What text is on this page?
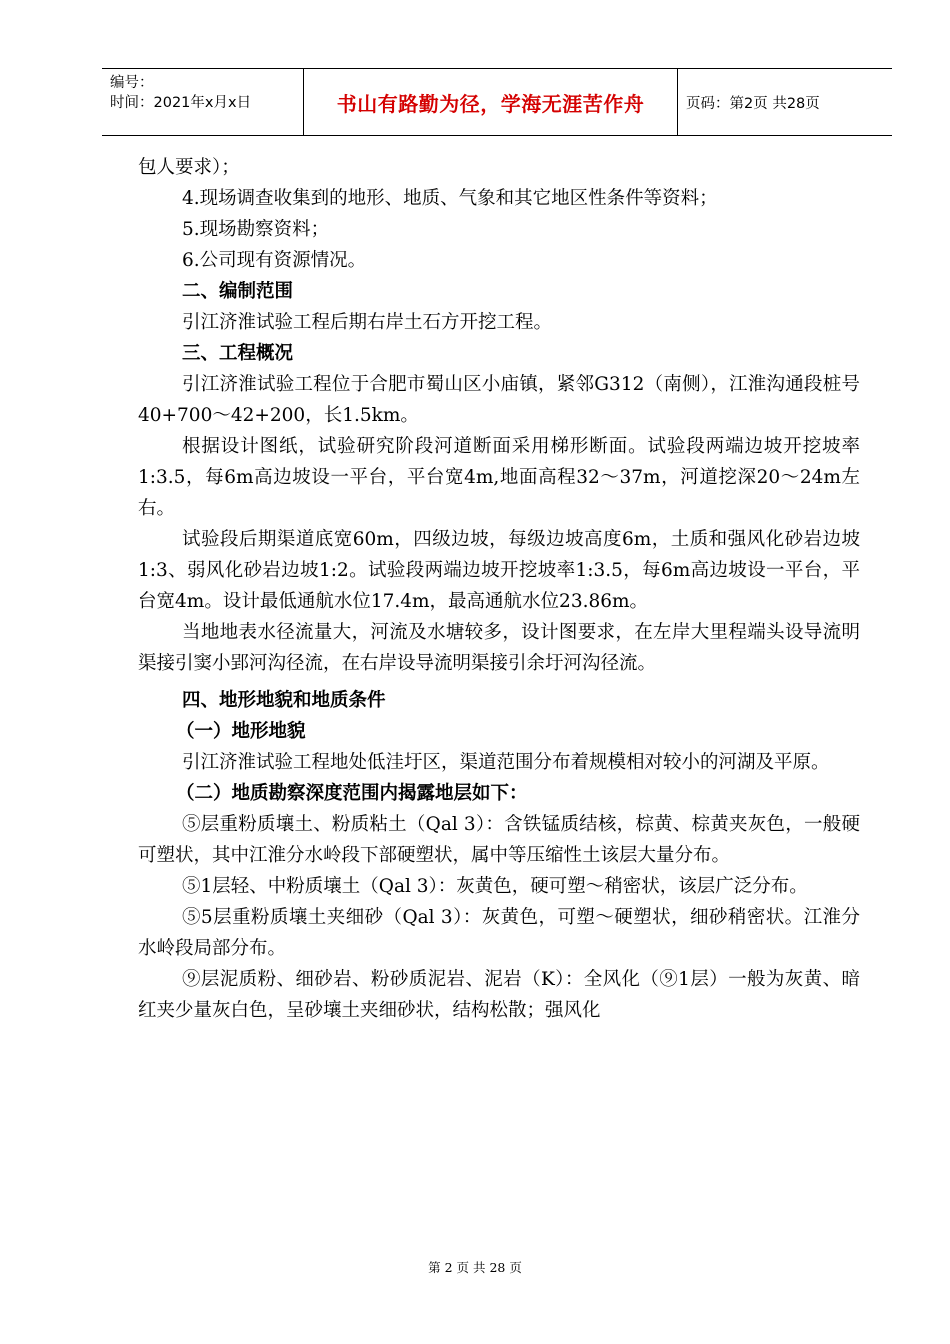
编号：
时间：2021年x月x日	书山有路勤为径，学海无涯苦作舟	页码：第2页 共28页

包人要求）；

4.现场调查收集到的地形、地质、气象和其它地区性条件等资料；

5.现场勘察资料；

6.公司现有资源情况。

二、编制范围

引江济淮试验工程后期右岸土石方开挖工程。

三、工程概况

引江济淮试验工程位于合肥市蜀山区小庙镇，紧邻G312（南侧），江淮沟通段桩号40+700～42+200，长1.5km。

根据设计图纸，试验研究阶段河道断面采用梯形断面。试验段两端边坡开挖坡率1:3.5，每6m高边坡设一平台，平台宽4m,地面高程32～37m，河道挖深20～24m左右。

试验段后期渠道底宽60m，四级边坡，每级边坡高度6m，土质和强风化砂岩边坡1:3、弱风化砂岩边坡1:2。试验段两端边坡开挖坡率1:3.5，每6m高边坡设一平台，平台宽4m。设计最低通航水位17.4m，最高通航水位23.86m。

当地地表水径流量大，河流及水塘较多，设计图要求，在左岸大里程端头设导流明渠接引窦小郢河沟径流，在右岸设导流明渠接引余圩河沟径流。

四、地形地貌和地质条件

（一）地形地貌

引江济淮试验工程地处低洼圩区，渠道范围分布着规模相对较小的河湖及平原。

（二）地质勘察深度范围内揭露地层如下：

⑤层重粉质壤土、粉质粘土（Qal 3）：含铁锰质结核，棕黄、棕黄夹灰色，一般硬可塑状，其中江淮分水岭段下部硬塑状，属中等压缩性土该层大量分布。

⑤1层轻、中粉质壤土（Qal 3）：灰黄色，硬可塑～稍密状，该层广泛分布。

⑤5层重粉质壤土夹细砂（Qal 3）：灰黄色，可塑～硬塑状，细砂稍密状。江淮分水岭段局部分布。

⑨层泥质粉、细砂岩、粉砂质泥岩、泥岩（K）：全风化（⑨1层）一般为灰黄、暗红夹少量灰白色，呈砂壤土夹细砂状，结构松散；强风化

第 2 页 共 28 页
